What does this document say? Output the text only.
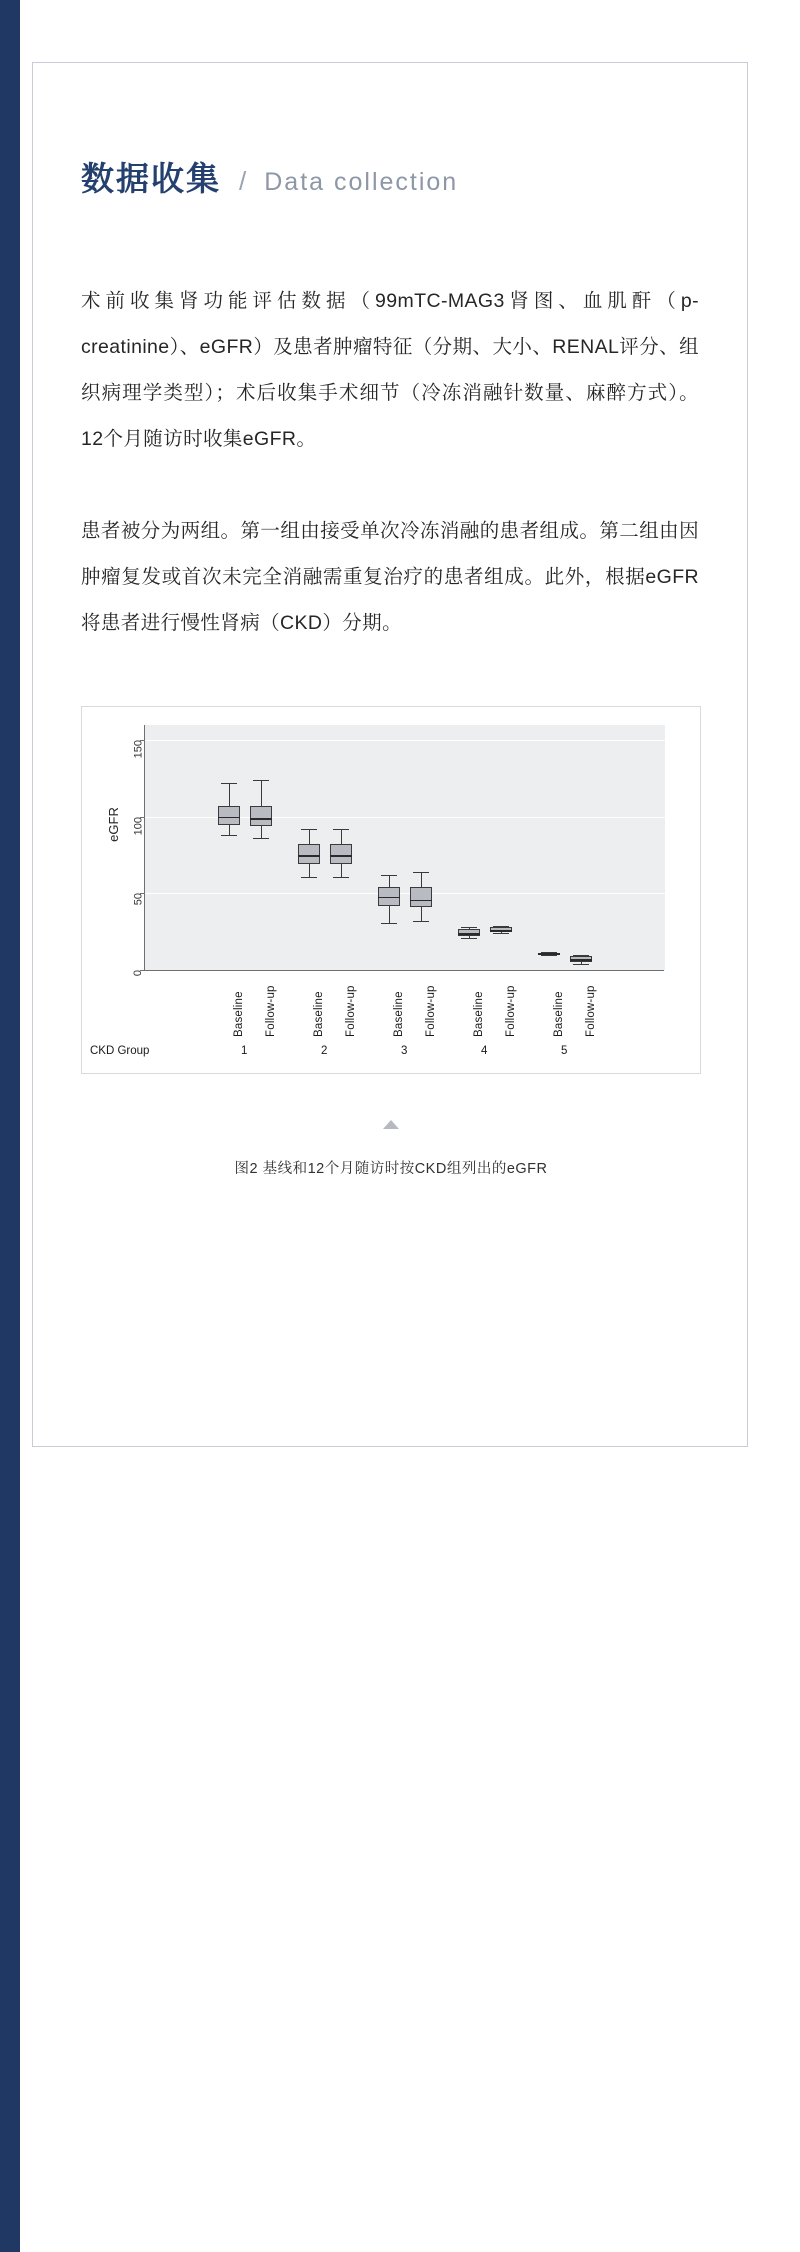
数据收集 / Data collection

术前收集肾功能评估数据（99mTC-MAG3肾图、血肌酐（p-creatinine）、eGFR）及患者肿瘤特征（分期、大小、RENAL评分、组织病理学类型）；术后收集手术细节（冷冻消融针数量、麻醉方式）。12个月随访时收集eGFR。

患者被分为两组。第一组由接受单次冷冻消融的患者组成。第二组由因肿瘤复发或首次未完全消融需重复治疗的患者组成。此外，根据eGFR将患者进行慢性肾病（CKD）分期。

eGFR
0
50
100
150
Baseline Follow-up	Baseline Follow-up	Baseline Follow-up	Baseline Follow-up	Baseline Follow-up
CKD Group	1	2	3	4	5
图2 基线和12个月随访时按CKD组列出的eGFR
